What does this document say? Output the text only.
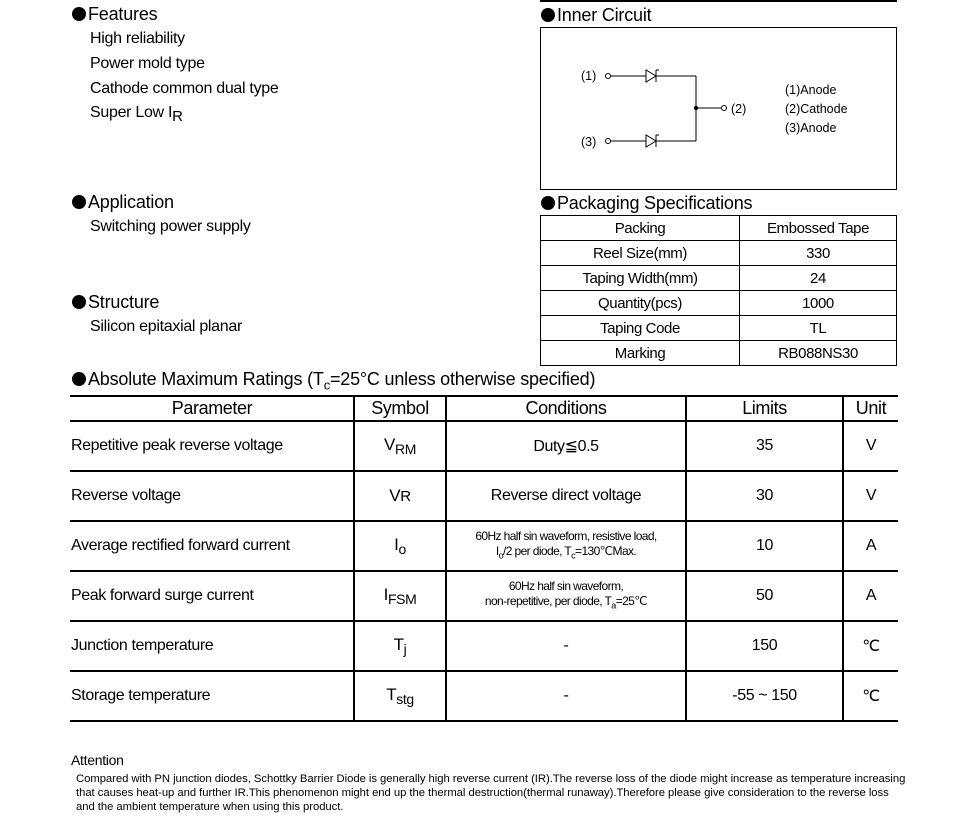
Features
High reliability
Power mold type
Cathode common dual type
Super Low $I_R$
Application
Switching power supply
Structure
Silicon epitaxial planar
Inner Circuit
(1)
(3)
(2)
(1)Anode
(2)Cathode
(3)Anode
Packaging Specifications
Packing	Embossed Tape
Reel Size(mm)	330
Taping Width(mm)	24
Quantity(pcs)	1000
Taping Code	TL
Marking	RB088NS30
Absolute Maximum Ratings ($T_c=25^\circ C$ unless otherwise specified)
Parameter	Symbol	Conditions	Limits	Unit
Repetitive peak reverse voltage	$V_{RM}$	Duty≦0.5	35	V
Reverse voltage	VR	Reverse direct voltage	30	V
Average rectified forward current	$I_o$	60Hz half sin waveform, resistive load,
$I_o/2$ per diode, $T_c=130℃Max$.	10	A
Peak forward surge current	$I_{FSM}$	60Hz half sin waveform,
non-repetitive, per diode, $T_a=25℃$	50	A
Junction temperature	$T_j$	-	150	℃
Storage temperature	$T_{stg}$	-	-55 ~ 150	℃
Attention
Compared with PN junction diodes, Schottky Barrier Diode is generally high reverse current (IR).The reverse loss of the diode might increase as temperature increasing that causes heat-up and further IR.This phenomenon might end up the thermal destruction(thermal runaway).Therefore please give consideration to the reverse loss and the ambient temperature when using this product.
